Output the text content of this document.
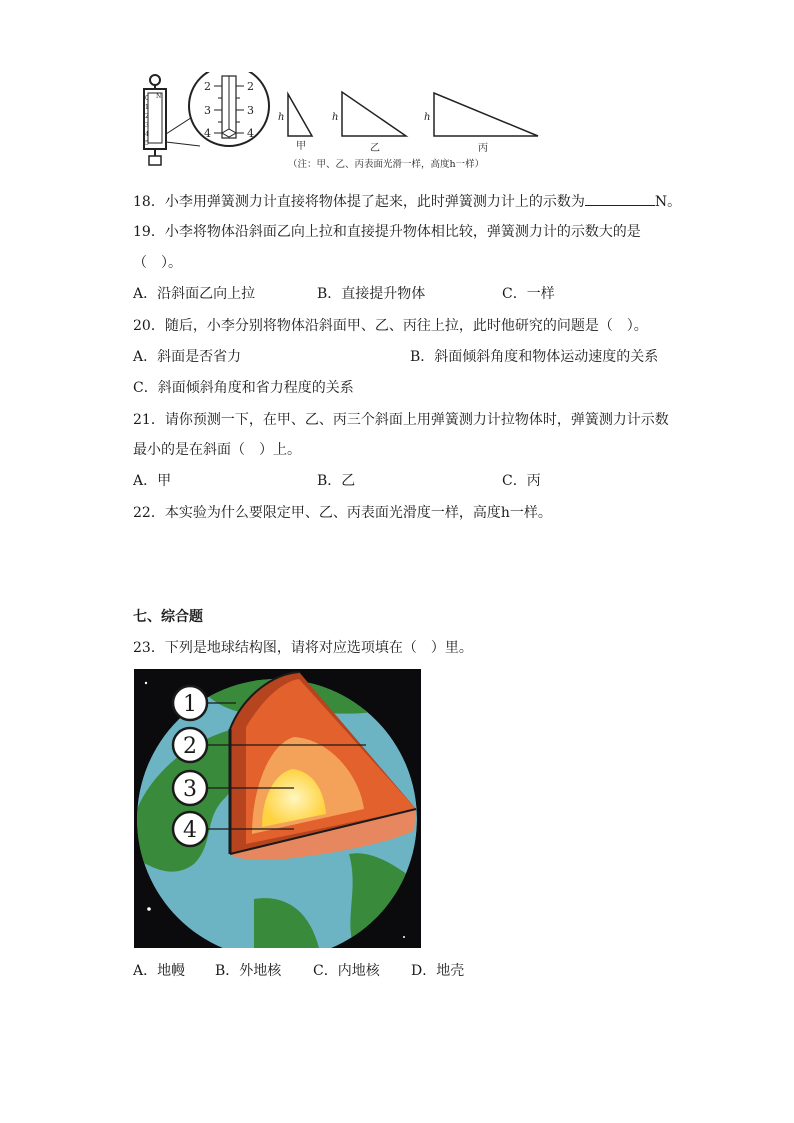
0
1
2
3
4
5
N
2
3
4
2
3
4
h	h	h
甲	乙	丙
（注：甲、乙、丙表面光滑一样，高度h一样）
18．小李用弹簧测力计直接将物体提了起来，此时弹簧测力计上的示数为	N。
19．小李将物体沿斜面乙向上拉和直接提升物体相比较，弹簧测力计的示数大的是
（　）。
A．沿斜面乙向上拉	B．直接提升物体	C．一样
20．随后，小李分别将物体沿斜面甲、乙、丙往上拉，此时他研究的问题是（　）。
A．斜面是否省力	B．斜面倾斜角度和物体运动速度的关系
C．斜面倾斜角度和省力程度的关系
21．请你预测一下，在甲、乙、丙三个斜面上用弹簧测力计拉物体时，弹簧测力计示数
最小的是在斜面（　）上。
A．甲	B．乙	C．丙
22．本实验为什么要限定甲、乙、丙表面光滑度一样，高度h一样。
七、综合题
23．下列是地球结构图，请将对应选项填在（　）里。
1
2
3
4
A．地幔 B．外地核 C．内地核 D．地壳
